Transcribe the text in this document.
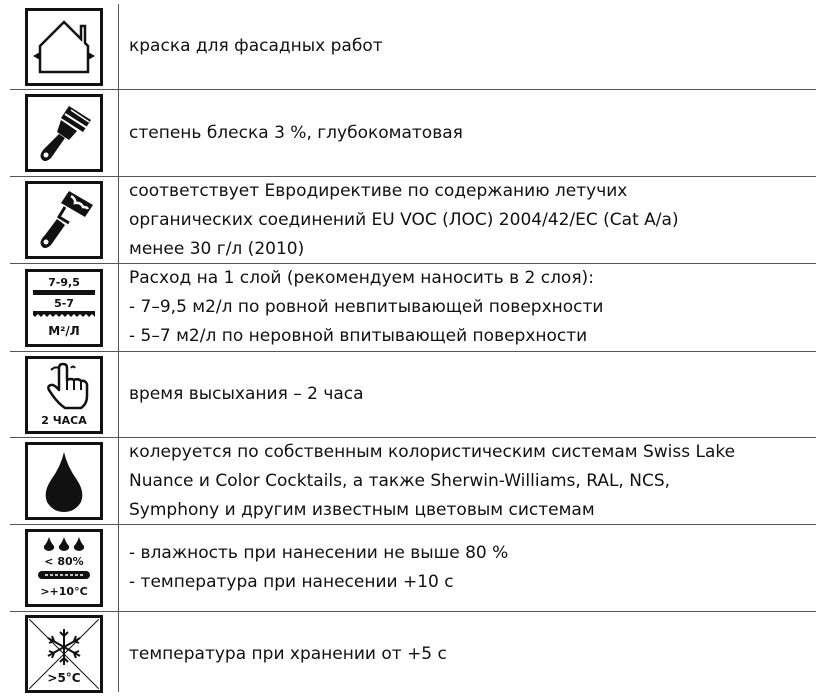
краска для фасадных работ
степень блеска 3 %, глубокоматовая
соответствует Евродирективе по содержанию летучих
органических соединений EU VOC (ЛОС) 2004/42/ЕС (Cat A/a)
менее 30 г/л (2010)
7-9,5
5-7
М²/Л
Расход на 1 слой (рекомендуем наносить в 2 слоя):
- 7–9,5 м2/л по ровной невпитывающей поверхности
- 5–7 м2/л по неровной впитывающей поверхности
2 ЧАСА
время высыхания – 2 часа
колеруется по собственным колористическим системам Swiss Lake
Nuance и Color Cocktails, а также Sherwin-Williams, RAL, NCS,
Symphony и другим известным цветовым системам
< 80%
>+10°C
- влажность при нанесении не выше 80 %
- температура при нанесении +10 с
>5°C
температура при хранении от +5 с
